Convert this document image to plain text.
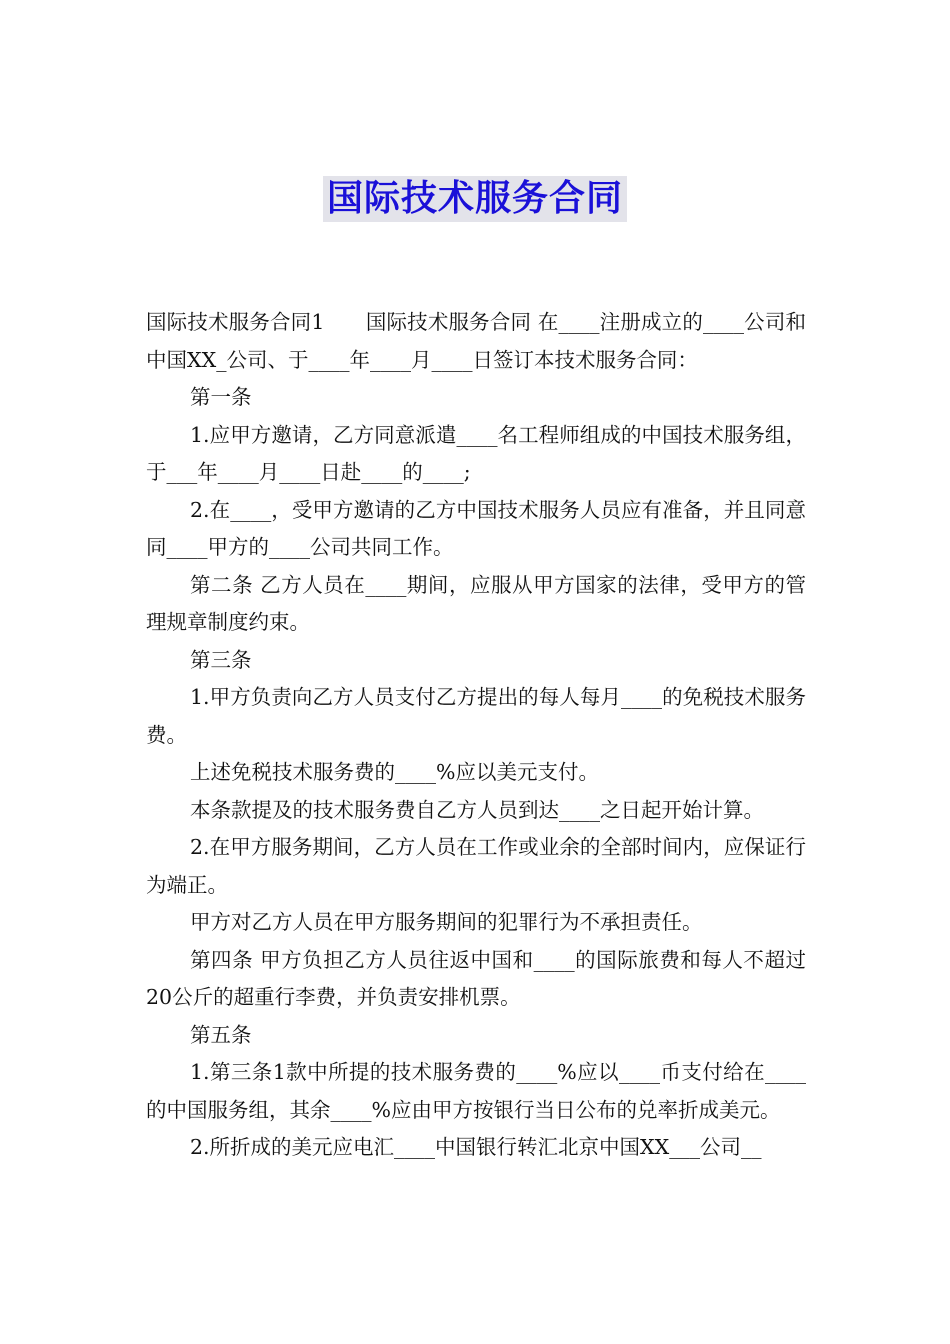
国际技术服务合同

国际技术服务合同1　　国际技术服务合同 在____注册成立的____公司和中国XX_公司、于____年____月____日签订本技术服务合同：

第一条

1.应甲方邀请，乙方同意派遣____名工程师组成的中国技术服务组，于___年____月____日赴____的____;

2.在____，受甲方邀请的乙方中国技术服务人员应有准备，并且同意同____甲方的____公司共同工作。

第二条 乙方人员在____期间，应服从甲方国家的法律，受甲方的管理规章制度约束。

第三条

1.甲方负责向乙方人员支付乙方提出的每人每月____的免税技术服务费。

上述免税技术服务费的____%应以美元支付。

本条款提及的技术服务费自乙方人员到达____之日起开始计算。

2.在甲方服务期间，乙方人员在工作或业余的全部时间内，应保证行为端正。

甲方对乙方人员在甲方服务期间的犯罪行为不承担责任。

第四条 甲方负担乙方人员往返中国和____的国际旅费和每人不超过20公斤的超重行李费，并负责安排机票。

第五条

1.第三条1款中所提的技术服务费的____%应以____币支付给在____的中国服务组，其余____%应由甲方按银行当日公布的兑率折成美元。

2.所折成的美元应电汇____中国银行转汇北京中国XX___公司__
